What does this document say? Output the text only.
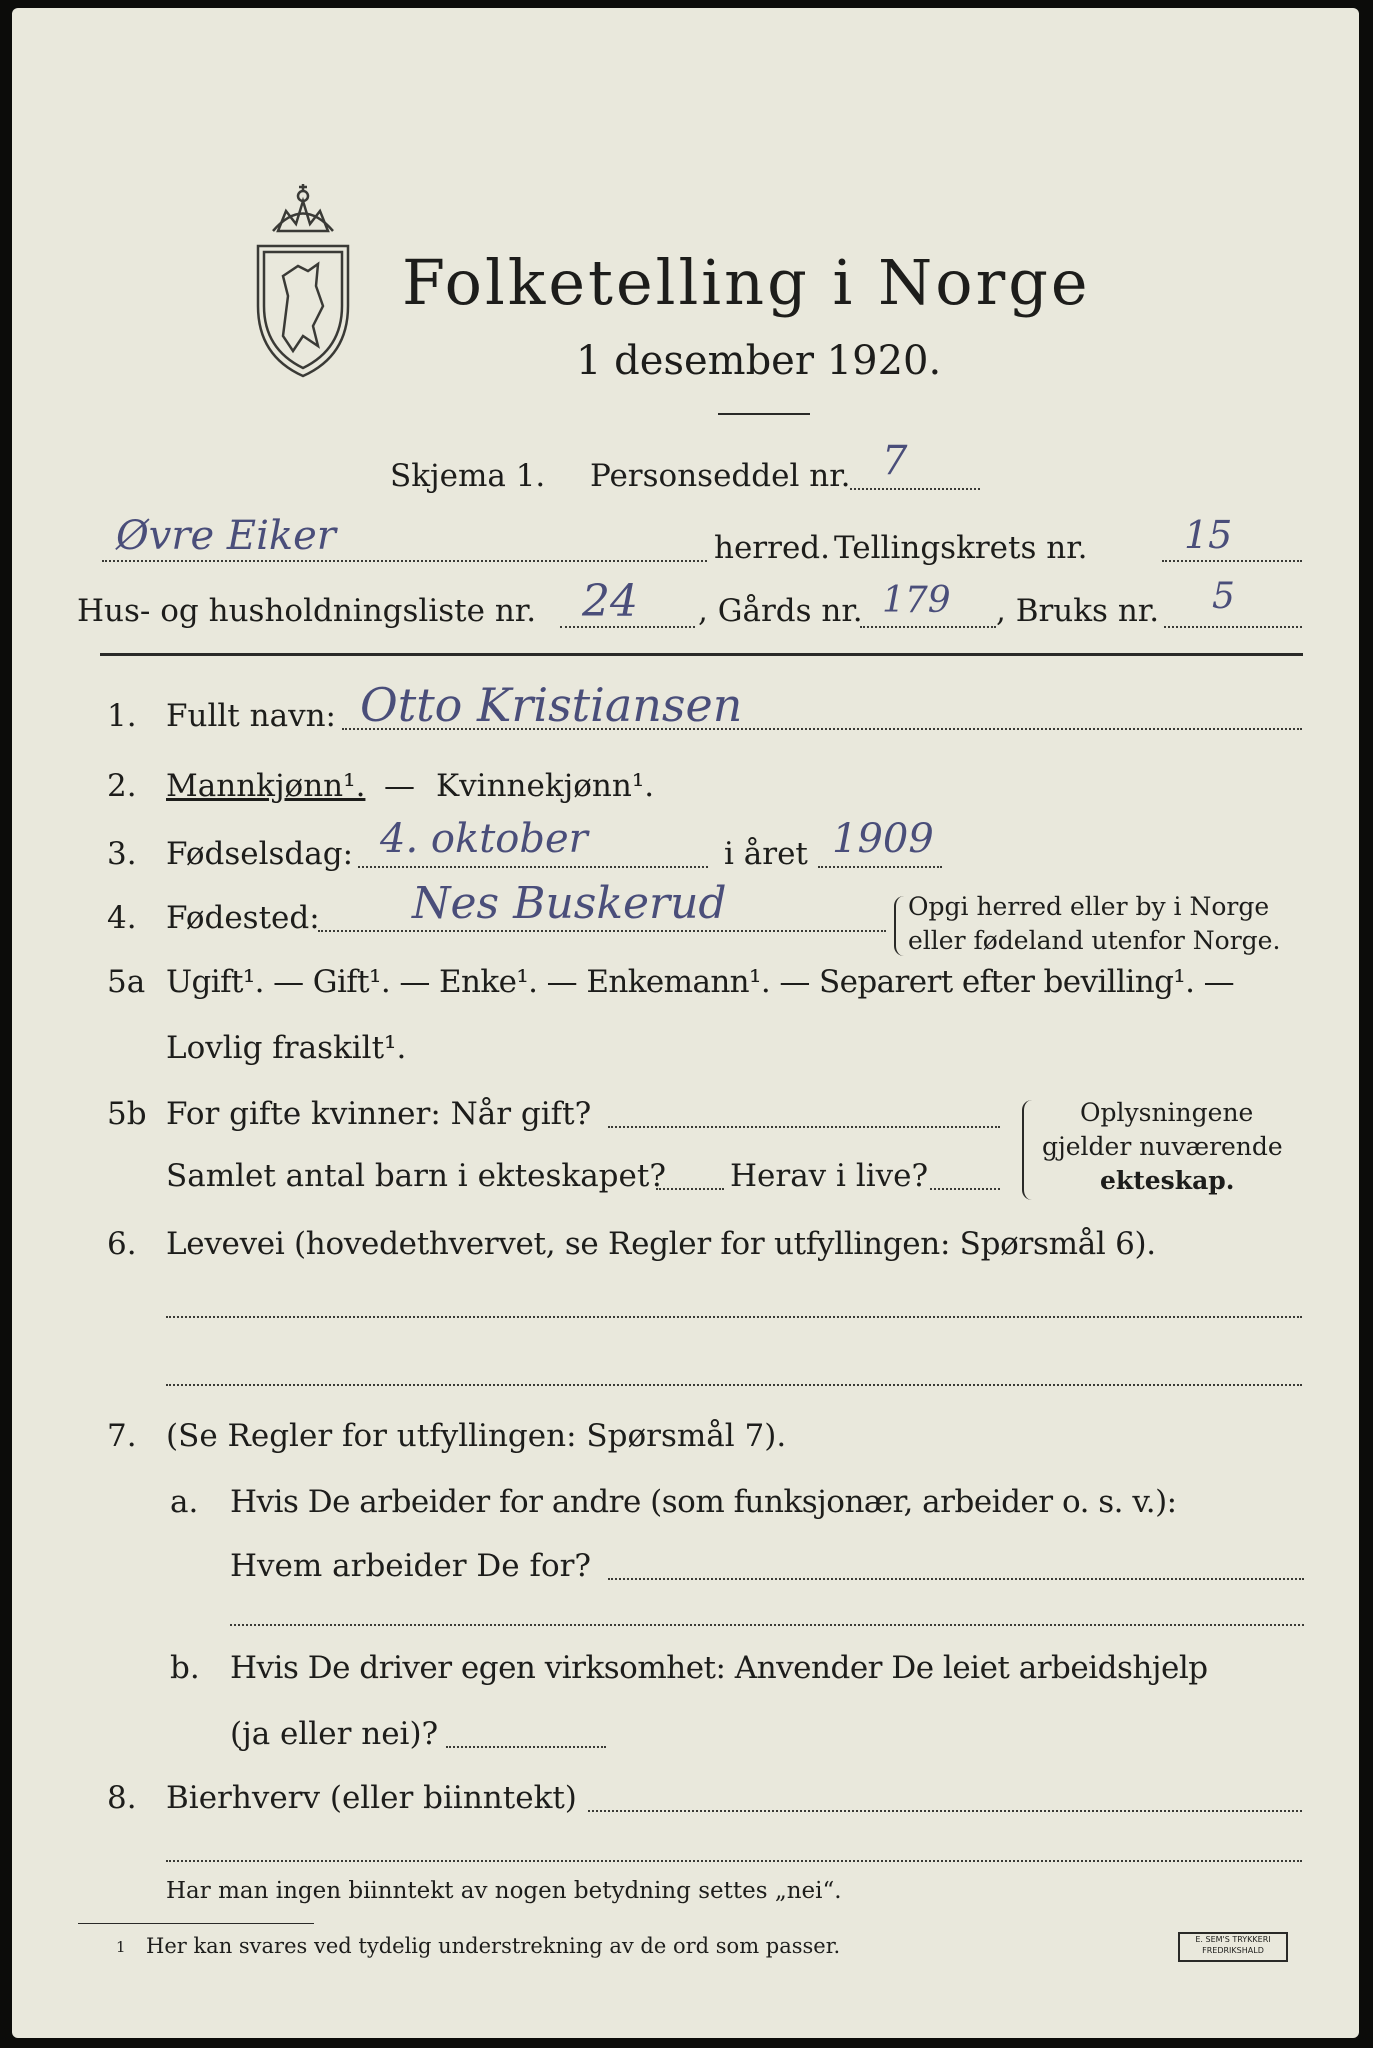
Folketelling i Norge
1 desember 1920.
Skjema 1. Personseddel nr. 7
Øvre Eiker	herred. Tellingskrets nr.	15
Hus- og husholdningsliste nr. 24 , Gårds nr. 179 , Bruks nr. 5
1. Fullt navn: Otto Kristiansen
2. Mannkjønn¹. — Kvinnekjønn¹.
3. Fødselsdag: 4. oktober	i året 1909
4. Fødested: Nes Buskerud	Opgi herred eller by i Norge
eller fødeland utenfor Norge.
5a Ugift¹. — Gift¹. — Enke¹. — Enkemann¹. — Separert efter bevilling¹. —
Lovlig fraskilt¹.
5b For gifte kvinner: Når gift?
Samlet antal barn i ekteskapet? Herav i live?
Oplysningene
gjelder nuværende
ekteskap.
6. Levevei (hovedethvervet, se Regler for utfyllingen: Spørsmål 6).
7. (Se Regler for utfyllingen: Spørsmål 7).
a. Hvis De arbeider for andre (som funksjonær, arbeider o. s. v.):
Hvem arbeider De for?
b. Hvis De driver egen virksomhet: Anvender De leiet arbeidshjelp
(ja eller nei)?
8. Bierhverv (eller biinntekt)
Har man ingen biinntekt av nogen betydning settes „nei“.
1 Her kan svares ved tydelig understrekning av de ord som passer.	E. SEM'S TRYKKERI
FREDRIKSHALD
